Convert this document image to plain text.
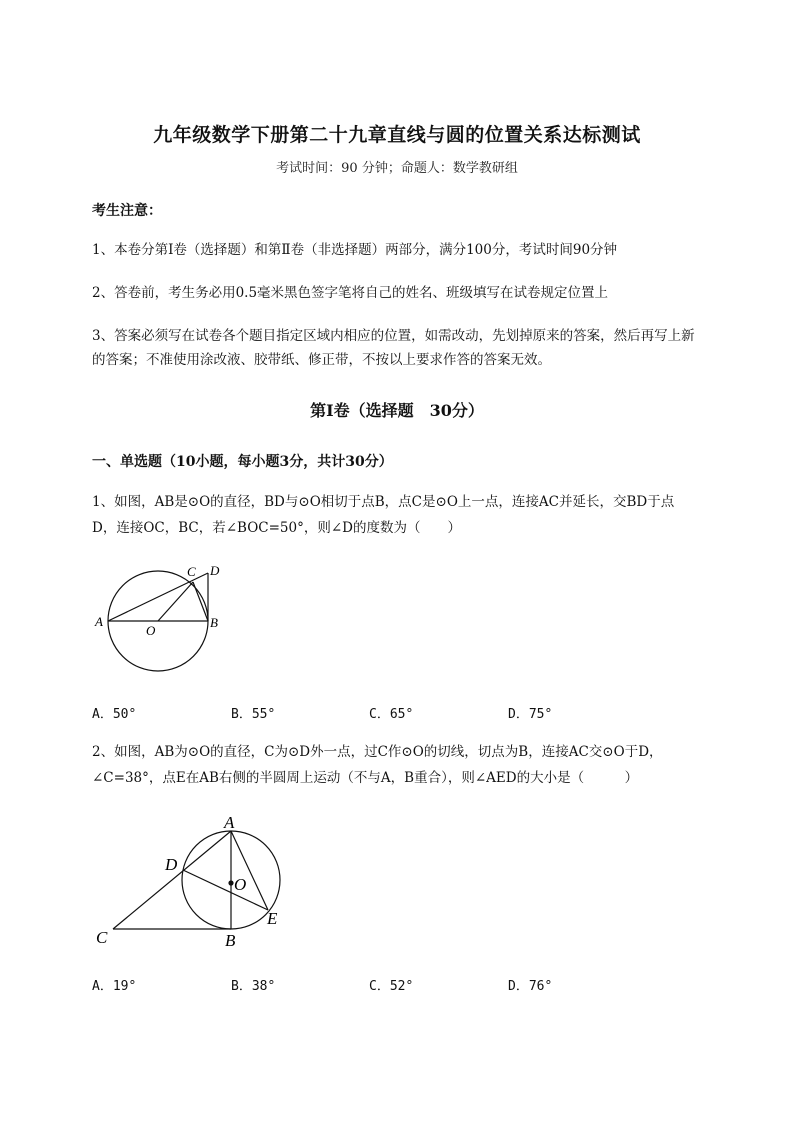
九年级数学下册第二十九章直线与圆的位置关系达标测试
考试时间：90 分钟；命题人：数学教研组
考生注意：
1、本卷分第Ⅰ卷（选择题）和第Ⅱ卷（非选择题）两部分，满分100分，考试时间90分钟
2、答卷前，考生务必用0.5毫米黑色签字笔将自己的姓名、班级填写在试卷规定位置上
3、答案必须写在试卷各个题目指定区域内相应的位置，如需改动，先划掉原来的答案，然后再写上新
的答案；不准使用涂改液、胶带纸、修正带，不按以上要求作答的答案无效。
第Ⅰ卷（选择题　30分）
一、单选题（10小题，每小题3分，共计30分）
1、如图，AB是⊙O的直径，BD与⊙O相切于点B，点C是⊙O上一点，连接AC并延长，交BD于点
D，连接OC，BC，若∠BOC=50°，则∠D的度数为（　　）
A	B
C D
O
A．50°	B．55°	C．65°	D．75°
2、如图，AB为⊙O的直径，C为⊙D外一点，过C作⊙O的切线，切点为B，连接AC交⊙O于D，
∠C=38°，点E在AB右侧的半圆周上运动（不与A，B重合），则∠AED的大小是（　　　）
A
B
C
D
E
O
A．19°	B．38°	C．52°	D．76°
